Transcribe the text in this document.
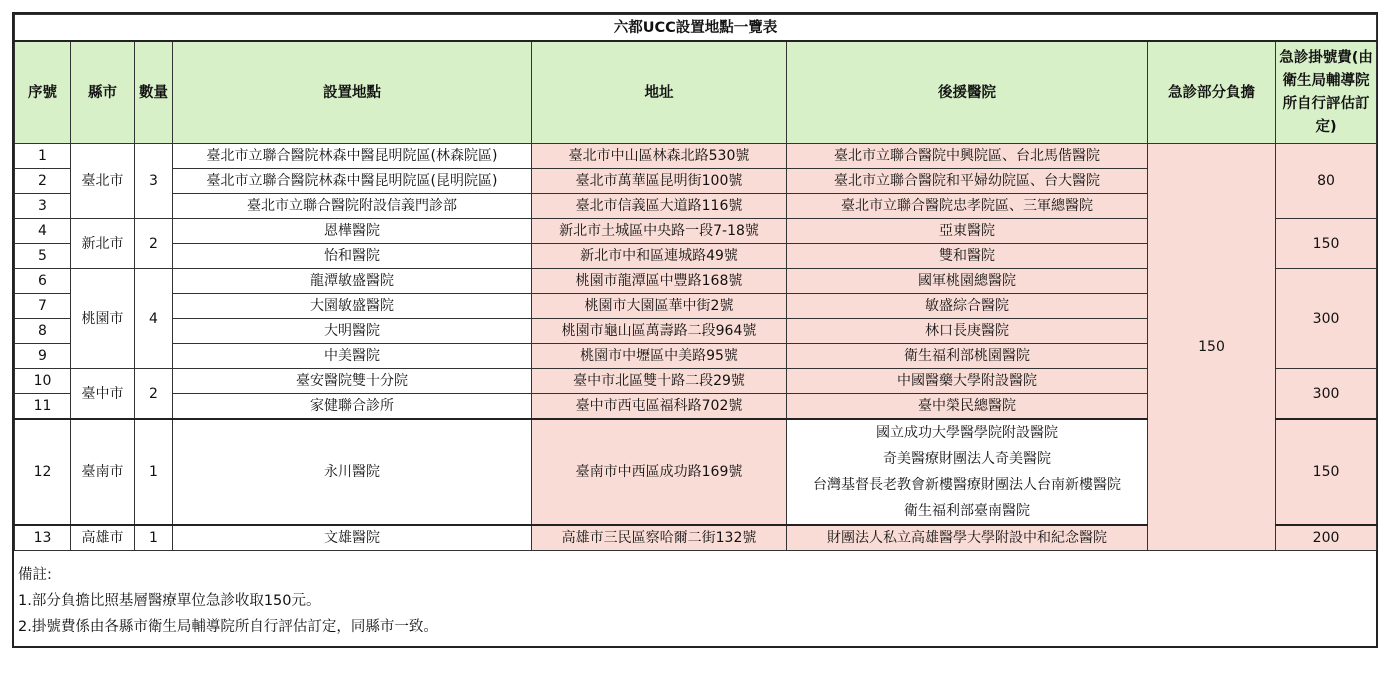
六都UCC設置地點一覽表							
序號	縣市	數量	設置地點	地址	後援醫院	急診部分負擔	急診掛號費(由衛生局輔導院所自行評估訂定)
1	臺北市	3	臺北市立聯合醫院林森中醫昆明院區(林森院區)	臺北市中山區林森北路530號	臺北市立聯合醫院中興院區、台北馬偕醫院	150	80
2			臺北市立聯合醫院林森中醫昆明院區(昆明院區)	臺北市萬華區昆明街100號	臺北市立聯合醫院和平婦幼院區、台大醫院		
3			臺北市立聯合醫院附設信義門診部	臺北市信義區大道路116號	臺北市立聯合醫院忠孝院區、三軍總醫院		
4	新北市	2	恩樺醫院	新北市土城區中央路一段7-18號	亞東醫院		150
5			怡和醫院	新北市中和區連城路49號	雙和醫院		
6	桃園市	4	龍潭敏盛醫院	桃園市龍潭區中豐路168號	國軍桃園總醫院		300
7			大園敏盛醫院	桃園市大園區華中街2號	敏盛綜合醫院		
8			大明醫院	桃園市龜山區萬壽路二段964號	林口長庚醫院		
9			中美醫院	桃園市中壢區中美路95號	衛生福利部桃園醫院		
10	臺中市	2	臺安醫院雙十分院	臺中市北區雙十路二段29號	中國醫藥大學附設醫院		300
11			家健聯合診所	臺中市西屯區福科路702號	臺中榮民總醫院		
12	臺南市	1	永川醫院	臺南市中西區成功路169號	國立成功大學醫學院附設醫院
奇美醫療財團法人奇美醫院
台灣基督長老教會新樓醫療財團法人台南新樓醫院
衛生福利部臺南醫院		150
13	高雄市	1	文雄醫院	高雄市三民區察哈爾二街132號	財團法人私立高雄醫學大學附設中和紀念醫院		200
備註:
1.部分負擔比照基層醫療單位急診收取150元。
2.掛號費係由各縣市衛生局輔導院所自行評估訂定，同縣市一致。
